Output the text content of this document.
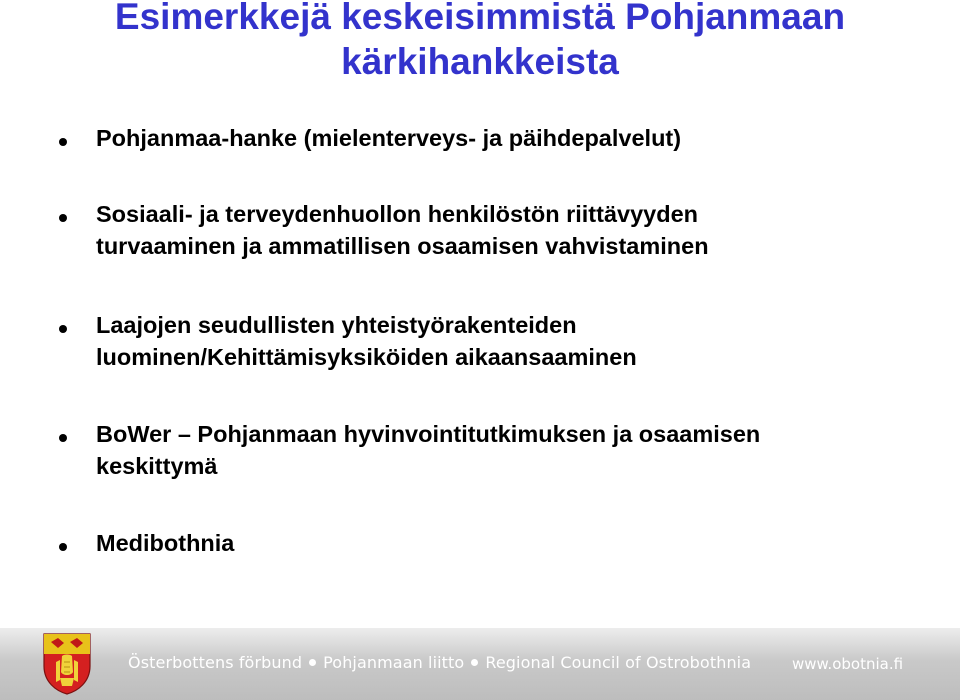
Esimerkkejä keskeisimmistä Pohjanmaan
kärkihankkeista
Pohjanmaa-hanke (mielenterveys- ja päihdepalvelut)
Sosiaali- ja terveydenhuollon henkilöstön riittävyyden
turvaaminen ja ammatillisen osaamisen vahvistaminen
Laajojen seudullisten yhteistyörakenteiden
luominen/Kehittämisyksiköiden aikaansaaminen
BoWer – Pohjanmaan hyvinvointitutkimuksen ja osaamisen
keskittymä
Medibothnia
Österbottens förbund Pohjanmaan liitto Regional Council of Ostrobothnia	www.obotnia.fi
